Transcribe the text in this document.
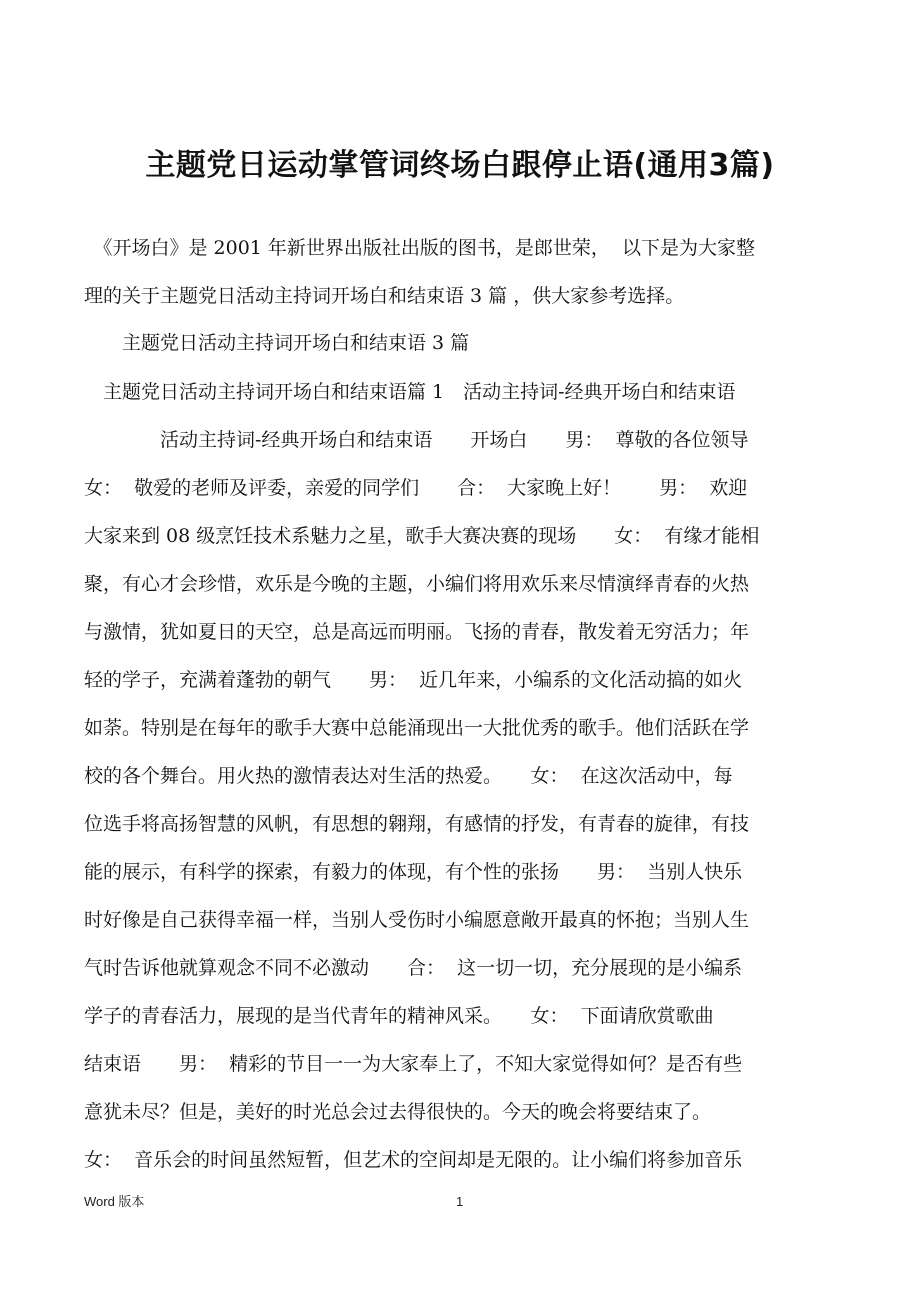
主题党日运动掌管词终场白跟停止语(通用3篇)
　《开场白》是 2001 年新世界出版社出版的图书，是郎世荣，  以下是为大家整
理的关于主题党日活动主持词开场白和结束语 3 篇 ，供大家参考选择。
　　主题党日活动主持词开场白和结束语 3 篇
　主题党日活动主持词开场白和结束语篇 1　活动主持词-经典开场白和结束语
　　　　活动主持词-经典开场白和结束语　　开场白　　男：  尊敬的各位领导
女：  敬爱的老师及评委，亲爱的同学们　　合：  大家晚上好！　　男：  欢迎
大家来到 08 级烹饪技术系魅力之星，歌手大赛决赛的现场　　女：  有缘才能相
聚，有心才会珍惜，欢乐是今晚的主题，小编们将用欢乐来尽情演绎青春的火热
与激情，犹如夏日的天空，总是高远而明丽。飞扬的青春，散发着无穷活力；年
轻的学子，充满着蓬勃的朝气　　男：  近几年来，小编系的文化活动搞的如火
如荼。特别是在每年的歌手大赛中总能涌现出一大批优秀的歌手。他们活跃在学
校的各个舞台。用火热的激情表达对生活的热爱。　　女：  在这次活动中，每
位选手将高扬智慧的风帆，有思想的翱翔，有感情的抒发，有青春的旋律，有技
能的展示，有科学的探索，有毅力的体现，有个性的张扬　　男：  当别人快乐
时好像是自己获得幸福一样，当别人受伤时小编愿意敞开最真的怀抱；当别人生
气时告诉他就算观念不同不必激动　　合：  这一切一切，充分展现的是小编系
学子的青春活力，展现的是当代青年的精神风采。　　女：  下面请欣赏歌曲
结束语　　男：  精彩的节目一一为大家奉上了，不知大家觉得如何？是否有些
意犹未尽？但是，美好的时光总会过去得很快的。今天的晚会将要结束了。
女：  音乐会的时间虽然短暂，但艺术的空间却是无限的。让小编们将参加音乐
Word 版本	1
